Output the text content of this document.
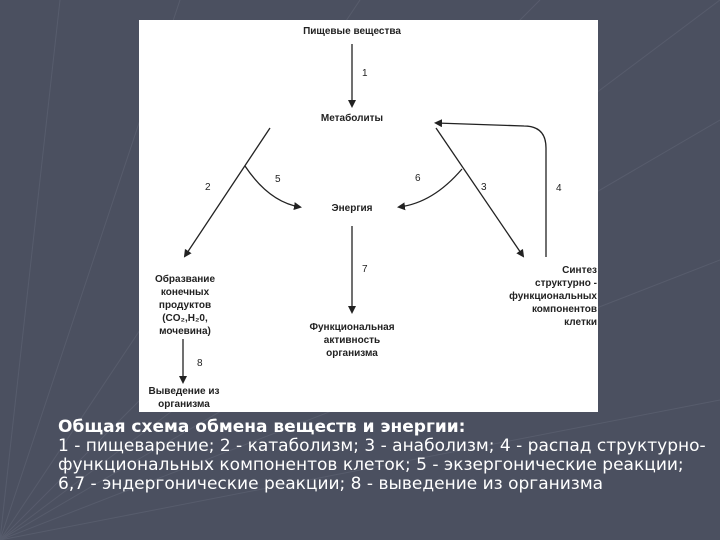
Пищевые вещества
Метаболиты
Энергия
Образвание
конечных
продуктов
(CO₂,H₂0,
мочевина)
Синтез
структурно -
функциональных
компонентов
клетки
Функциональная
активность
организма
Выведение из
организма
1
2
5	6
3	4
7
8
Общая схема обмена веществ и энергии:
1 - пищеварение; 2 - катаболизм; 3 - анаболизм; 4 - распад структурно-функциональных компонентов клеток; 5 - экзергонические реакции; 6,7 - эндергонические реакции; 8 - выведение из организма
